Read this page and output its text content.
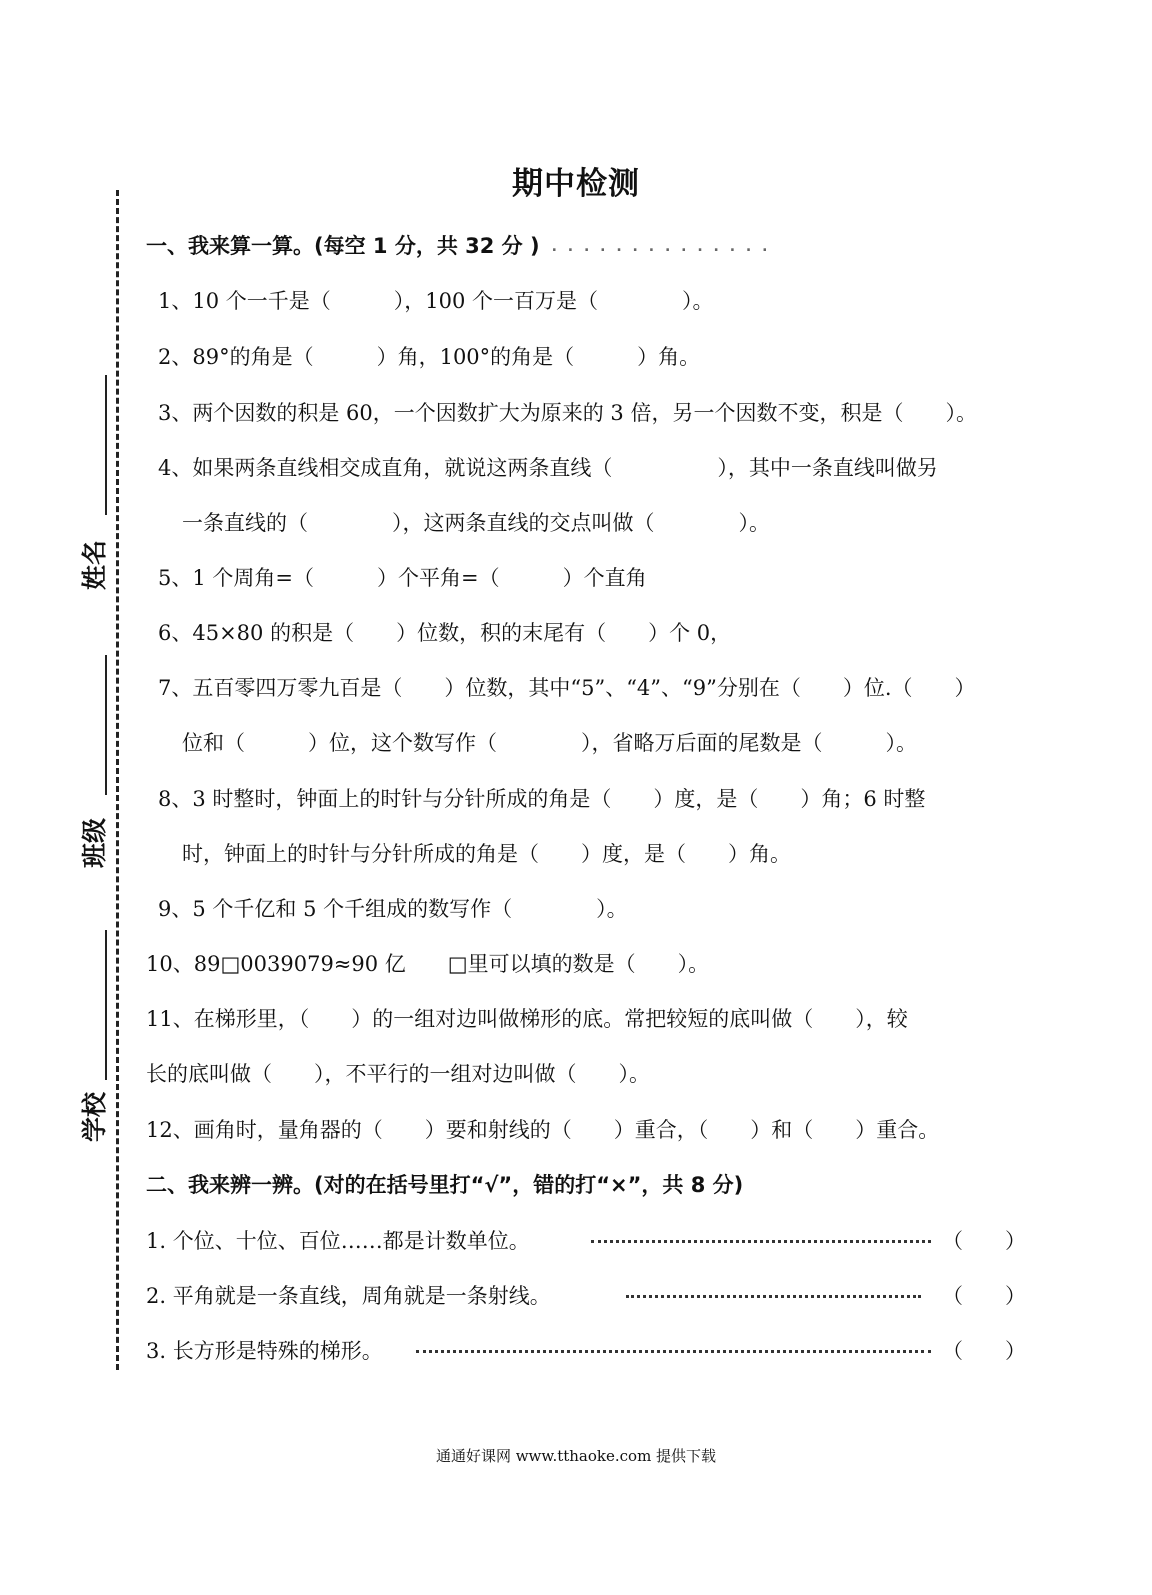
期中检测
姓名
班级
学校
一、我来算一算。(每空 1 分，共 32 分 ) . . . . . . . . . . . . . .
1、10 个一千是（　　　），100 个一百万是（　　　　）。
2、89°的角是（　　　）角，100°的角是（　　　）角。
3、两个因数的积是 60，一个因数扩大为原来的 3 倍，另一个因数不变，积是（　　）。
4、如果两条直线相交成直角，就说这两条直线（　　　　　），其中一条直线叫做另
一条直线的（　　　　），这两条直线的交点叫做（　　　　）。
5、1 个周角=（　　　）个平角=（　　　）个直角
6、45×80 的积是（　　）位数，积的末尾有（　　）个 0，
7、五百零四万零九百是（　　）位数，其中“5”、“4”、“9”分别在（　　）位.（　　）
位和（　　　）位，这个数写作（　　　　），省略万后面的尾数是（　　　）。
8、3 时整时，钟面上的时针与分针所成的角是（　　）度，是（　　）角；6 时整
时，钟面上的时针与分针所成的角是（　　）度，是（　　）角。
9、5 个千亿和 5 个千组成的数写作（　　　　）。
10、89□0039079≈90 亿　　□里可以填的数是（　　）。
11、在梯形里，（　　）的一组对边叫做梯形的底。常把较短的底叫做（　　），较
长的底叫做（　　），不平行的一组对边叫做（　　）。
12、画角时，量角器的（　　）要和射线的（　　）重合，（　　）和（　　）重合。
二、我来辨一辨。(对的在括号里打“√”，错的打“×”，共 8 分)
1. 个位、十位、百位……都是计数单位。	（　　）
2. 平角就是一条直线，周角就是一条射线。	（　　）
3. 长方形是特殊的梯形。	（　　）
通通好课网 www.tthaoke.com 提供下载
